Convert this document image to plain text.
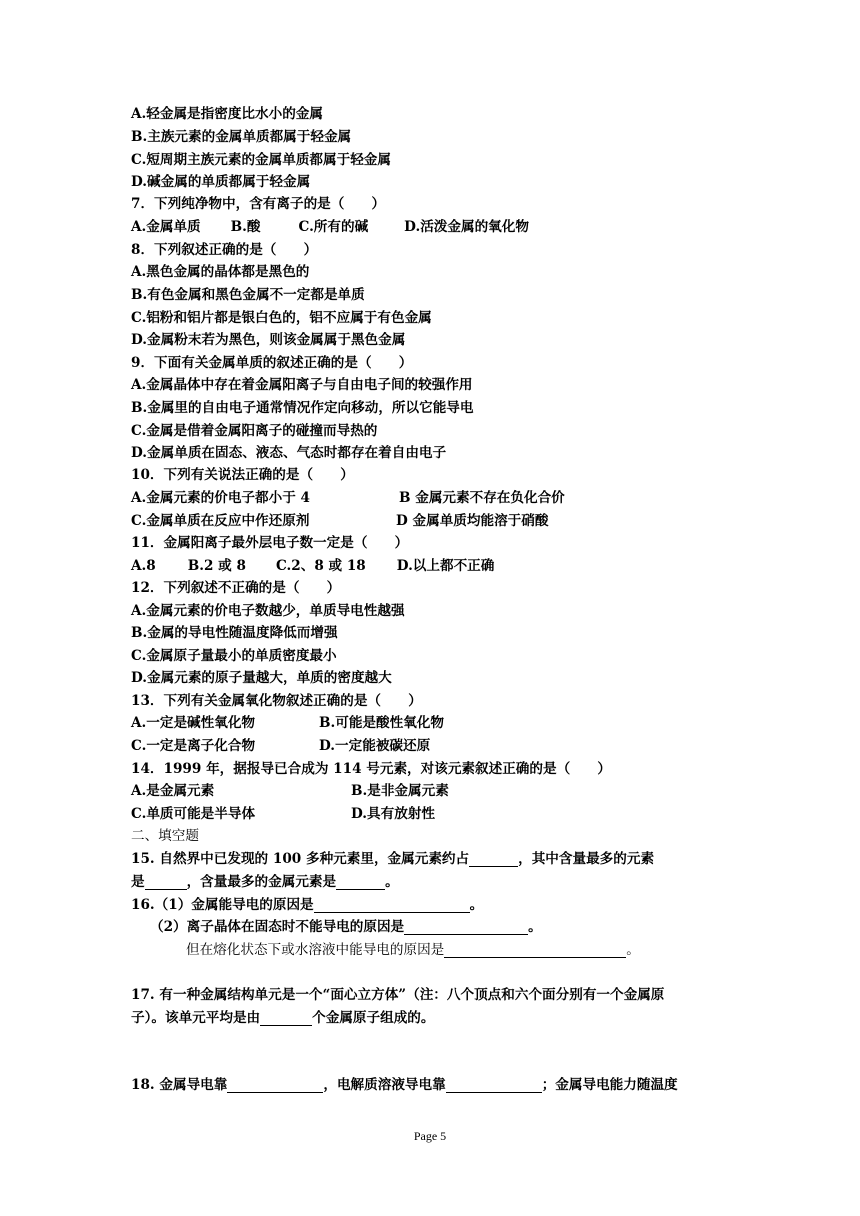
A.轻金属是指密度比水小的金属
B.主族元素的金属单质都属于轻金属
C.短周期主族元素的金属单质都属于轻金属
D.碱金属的单质都属于轻金属
7．下列纯净物中，含有离子的是（　　）
A.金属单质 B.酸	C.所有的碱	D.活泼金属的氧化物
8．下列叙述正确的是（　　）
A.黑色金属的晶体都是黑色的
B.有色金属和黑色金属不一定都是单质
C.铝粉和铝片都是银白色的，铝不应属于有色金属
D.金属粉末若为黑色，则该金属属于黑色金属
9．下面有关金属单质的叙述正确的是（　　）
A.金属晶体中存在着金属阳离子与自由电子间的较强作用
B.金属里的自由电子通常情况作定向移动，所以它能导电
C.金属是借着金属阳离子的碰撞而导热的
D.金属单质在固态、液态、气态时都存在着自由电子
10．下列有关说法正确的是（　　）
A.金属元素的价电子都小于 4	B 金属元素不存在负化合价
C.金属单质在反应中作还原剂	D 金属单质均能溶于硝酸
11．金属阳离子最外层电子数一定是（　　）
A.8 B.2 或 8 C.2、8 或 18 D.以上都不正确
12．下列叙述不正确的是（　　）
A.金属元素的价电子数越少，单质导电性越强
B.金属的导电性随温度降低而增强
C.金属原子量最小的单质密度最小
D.金属元素的原子量越大，单质的密度越大
13．下列有关金属氧化物叙述正确的是（　　）
A.一定是碱性氧化物	B.可能是酸性氧化物
C.一定是离子化合物	D.一定能被碳还原
14．1999 年，据报导已合成为 114 号元素，对该元素叙述正确的是（　　）
A.是金属元素	B.是非金属元素
C.单质可能是半导体	D.具有放射性
二、填空题
15. 自然界中已发现的 100 多种元素里，金属元素约占	，其中含量最多的元素
是	，含量最多的金属元素是	。
16.（1）金属能导电的原因是	。
（2）离子晶体在固态时不能导电的原因是	。
但在熔化状态下或水溶液中能导电的原因是	。
17. 有一种金属结构单元是一个“面心立方体”（注：八个顶点和六个面分别有一个金属原
子）。该单元平均是由	个金属原子组成的。
18. 金属导电靠	，电解质溶液导电靠	；金属导电能力随温度
Page 5
